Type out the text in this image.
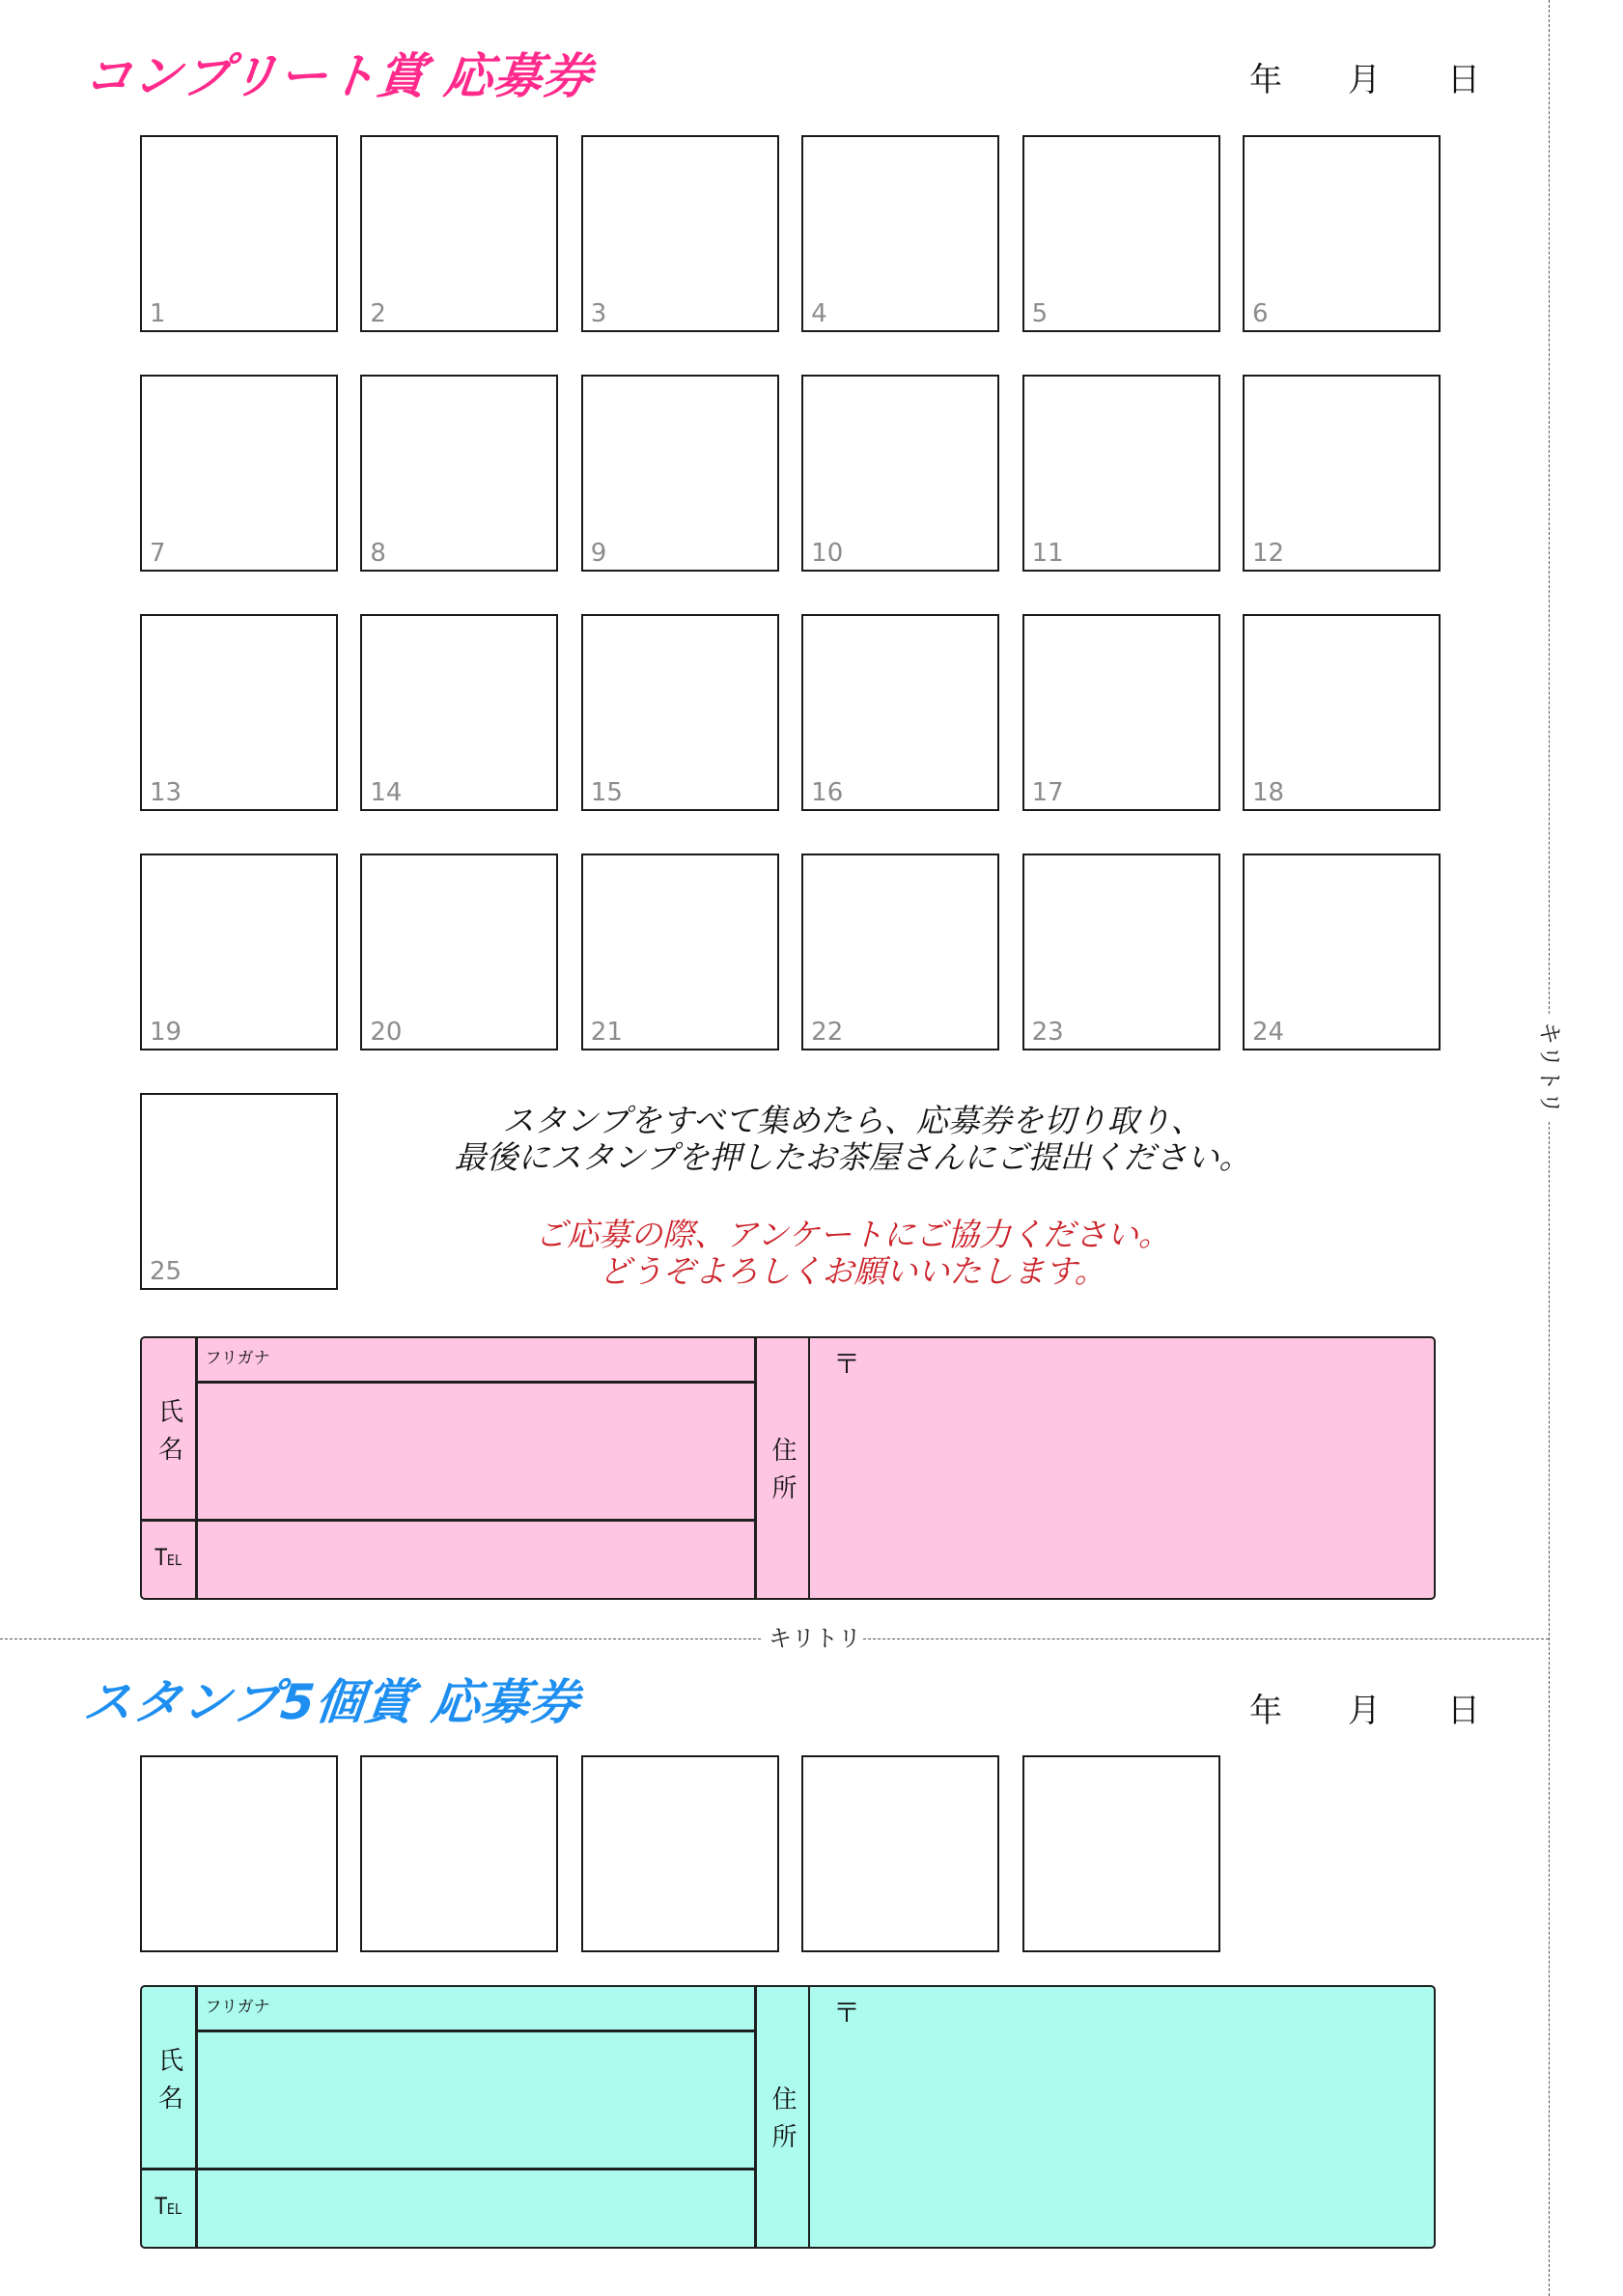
コンプリート賞 応募券	年 月 日
1	2	3	4	5	6
7	8	9	10	11	12
13	14	15	16	17	18
19	20	21	22	23	24
25
スタンプをすべて集めたら、応募券を切り取り、
最後にスタンプを押したお茶屋さんにご提出ください。
ご応募の際、アンケートにご協力ください。
どうぞよろしくお願いいたします。
氏名
TEL
フリガナ
住所
〒
キリトリ
キリトリ
スタンプ5個賞 応募券	年 月 日
氏名
TEL
フリガナ
住所
〒
